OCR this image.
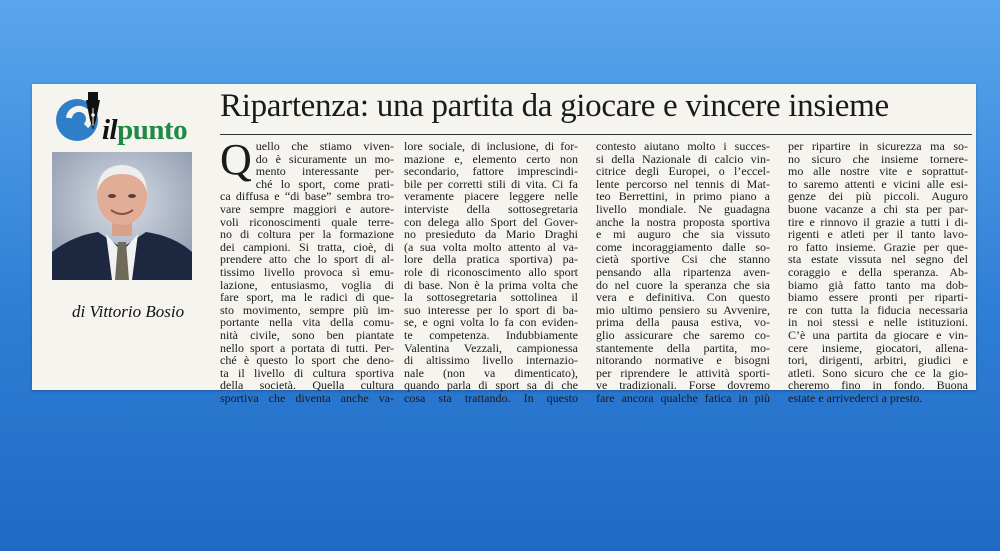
ilpunto
Ripartenza: una partita da giocare e vincere insieme
di Vittorio Bosio
Q uello che stiamo viven-
do è sicuramente un mo-
mento interessante per-
ché lo sport, come prati-
ca diffusa e “di base” sembra tro-
vare sempre maggiori e autore-
voli riconoscimenti quale terre-
no di coltura per la formazione
dei campioni. Si tratta, cioè, di
prendere atto che lo sport di al-
tissimo livello provoca sì emu-
lazione, entusiasmo, voglia di
fare sport, ma le radici di que-
sto movimento, sempre più im-
portante nella vita della comu-
nità civile, sono ben piantate
nello sport a portata di tutti. Per-
ché è questo lo sport che deno-
ta il livello di cultura sportiva
della società. Quella cultura
sportiva che diventa anche va-
lore sociale, di inclusione, di for-
mazione e, elemento certo non
secondario, fattore imprescindi-
bile per corretti stili di vita. Ci fa
veramente piacere leggere nelle
interviste della sottosegretaria
con delega allo Sport del Gover-
no presieduto da Mario Draghi
(a sua volta molto attento al va-
lore della pratica sportiva) pa-
role di riconoscimento allo sport
di base. Non è la prima volta che
la sottosegretaria sottolinea il
suo interesse per lo sport di ba-
se, e ogni volta lo fa con eviden-
te competenza. Indubbiamente
Valentina Vezzali, campionessa
di altissimo livello internazio-
nale (non va dimenticato),
quando parla di sport sa di che
cosa sta trattando. In questo
contesto aiutano molto i succes-
si della Nazionale di calcio vin-
citrice degli Europei, o l’eccel-
lente percorso nel tennis di Mat-
teo Berrettini, in primo piano a
livello mondiale. Ne guadagna
anche la nostra proposta sportiva
e mi auguro che sia vissuto
come incoraggiamento dalle so-
cietà sportive Csi che stanno
pensando alla ripartenza aven-
do nel cuore la speranza che sia
vera e definitiva. Con questo
mio ultimo pensiero su Avvenire,
prima della pausa estiva, vo-
glio assicurare che saremo co-
stantemente della partita, mo-
nitorando normative e bisogni
per riprendere le attività sporti-
ve tradizionali. Forse dovremo
fare ancora qualche fatica in più
per ripartire in sicurezza ma so-
no sicuro che insieme tornere-
mo alle nostre vite e soprattut-
to saremo attenti e vicini alle esi-
genze dei più piccoli. Auguro
buone vacanze a chi sta per par-
tire e rinnovo il grazie a tutti i di-
rigenti e atleti per il tanto lavo-
ro fatto insieme. Grazie per que-
sta estate vissuta nel segno del
coraggio e della speranza. Ab-
biamo già fatto tanto ma dob-
biamo essere pronti per riparti-
re con tutta la fiducia necessaria
in noi stessi e nelle istituzioni.
C’è una partita da giocare e vin-
cere insieme, giocatori, allena-
tori, dirigenti, arbitri, giudici e
atleti. Sono sicuro che ce la gio-
cheremo fino in fondo. Buona
estate e arrivederci a presto.
